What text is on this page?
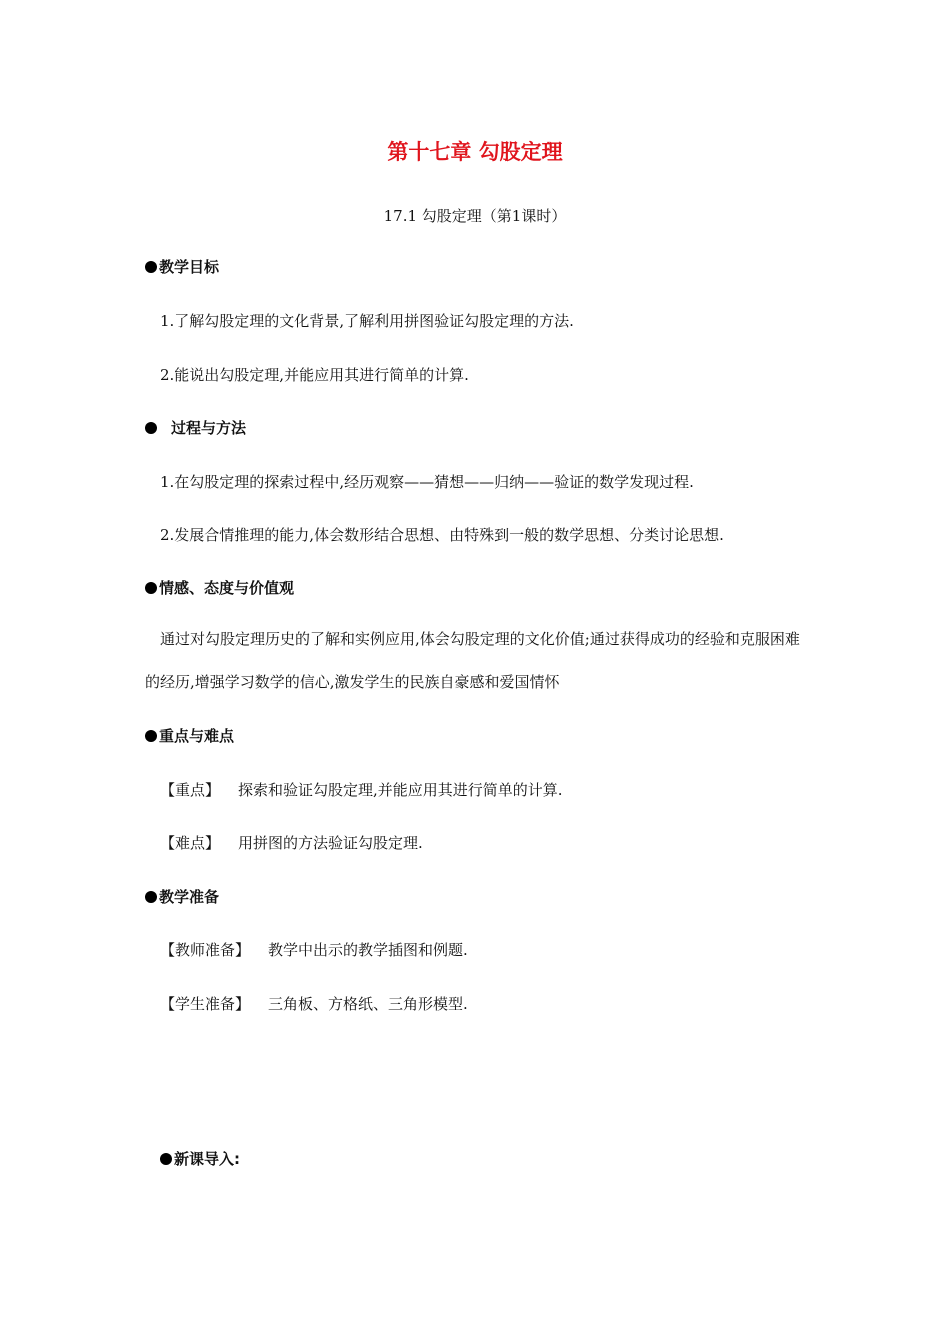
第十七章 勾股定理
17.1 勾股定理（第1课时）
教学目标
1.了解勾股定理的文化背景,了解利用拼图验证勾股定理的方法.
2.能说出勾股定理,并能应用其进行简单的计算.
过程与方法
1.在勾股定理的探索过程中,经历观察——猜想——归纳——验证的数学发现过程.
2.发展合情推理的能力,体会数形结合思想、由特殊到一般的数学思想、分类讨论思想.
情感、态度与价值观
通过对勾股定理历史的了解和实例应用,体会勾股定理的文化价值;通过获得成功的经验和克服困难的经历,增强学习数学的信心,激发学生的民族自豪感和爱国情怀
重点与难点
【重点】 探索和验证勾股定理,并能应用其进行简单的计算.
【难点】 用拼图的方法验证勾股定理.
教学准备
【教师准备】 教学中出示的教学插图和例题.
【学生准备】 三角板、方格纸、三角形模型.
新课导入:
